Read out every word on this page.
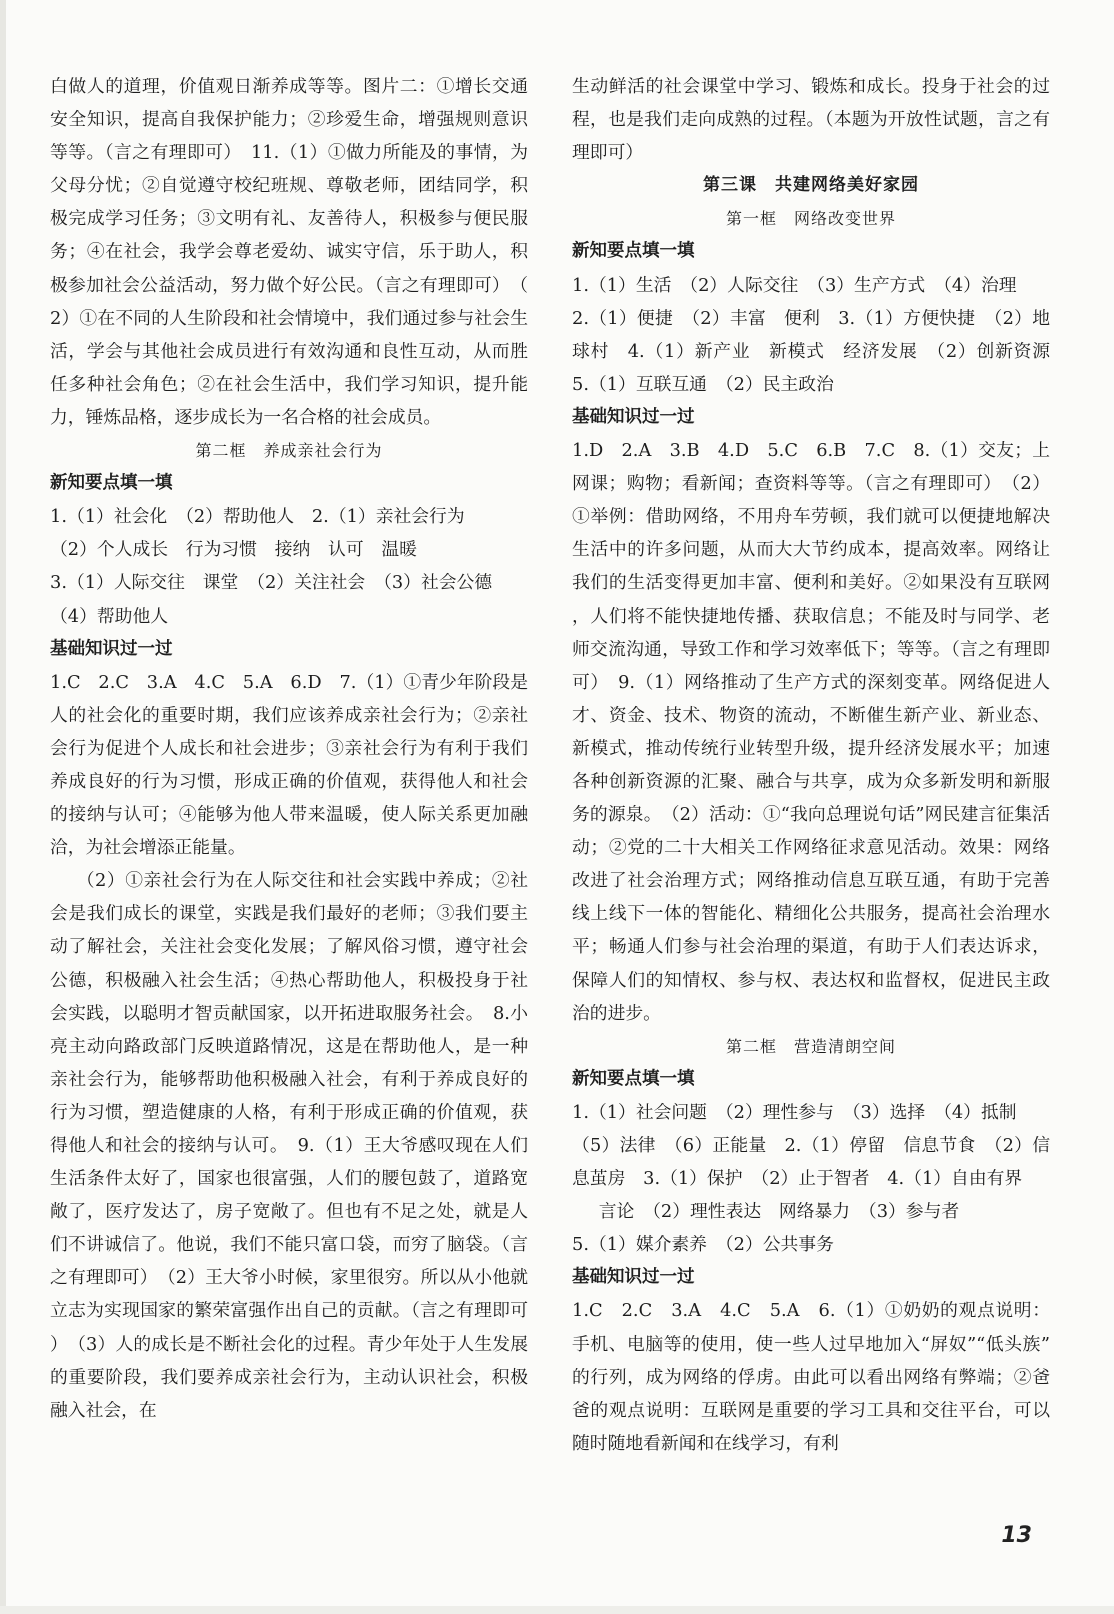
白做人的道理，价值观日渐养成等等。图片二：①增长交通安全知识，提高自我保护能力；②珍爱生命，增强规则意识等等。（言之有理即可）　11.（1）①做力所能及的事情，为父母分忧；②自觉遵守校纪班规、尊敬老师，团结同学，积极完成学习任务；③文明有礼、友善待人，积极参与便民服务；④在社会，我学会尊老爱幼、诚实守信，乐于助人，积极参加社会公益活动，努力做个好公民。（言之有理即可）　（2）①在不同的人生阶段和社会情境中，我们通过参与社会生活，学会与其他社会成员进行有效沟通和良性互动，从而胜任多种社会角色；②在社会生活中，我们学习知识，提升能力，锤炼品格，逐步成长为一名合格的社会成员。

第二框　养成亲社会行为

新知要点填一填

1.（1）社会化　（2）帮助他人　2.（1）亲社会行为

（2）个人成长　行为习惯　接纳　认可　温暖

3.（1）人际交往　课堂　（2）关注社会　（3）社会公德

（4）帮助他人

基础知识过一过

1.C　2.C　3.A　4.C　5.A　6.D　7.（1）①青少年阶段是人的社会化的重要时期，我们应该养成亲社会行为；②亲社会行为促进个人成长和社会进步；③亲社会行为有利于我们养成良好的行为习惯，形成正确的价值观，获得他人和社会的接纳与认可；④能够为他人带来温暖，使人际关系更加融洽，为社会增添正能量。

（2）①亲社会行为在人际交往和社会实践中养成；②社会是我们成长的课堂，实践是我们最好的老师；③我们要主动了解社会，关注社会变化发展；了解风俗习惯，遵守社会公德，积极融入社会生活；④热心帮助他人，积极投身于社会实践，以聪明才智贡献国家，以开拓进取服务社会。　8.小亮主动向路政部门反映道路情况，这是在帮助他人，是一种亲社会行为，能够帮助他积极融入社会，有利于养成良好的行为习惯，塑造健康的人格，有利于形成正确的价值观，获得他人和社会的接纳与认可。　9.（1）王大爷感叹现在人们生活条件太好了，国家也很富强，人们的腰包鼓了，道路宽敞了，医疗发达了，房子宽敞了。但也有不足之处，就是人们不讲诚信了。他说，我们不能只富口袋，而穷了脑袋。（言之有理即可）　（2）王大爷小时候，家里很穷。所以从小他就立志为实现国家的繁荣富强作出自己的贡献。（言之有理即可）　（3）人的成长是不断社会化的过程。青少年处于人生发展的重要阶段，我们要养成亲社会行为，主动认识社会，积极融入社会，在

生动鲜活的社会课堂中学习、锻炼和成长。投身于社会的过程，也是我们走向成熟的过程。（本题为开放性试题，言之有理即可）

第三课　共建网络美好家园

第一框　网络改变世界

新知要点填一填

1.（1）生活　（2）人际交往　（3）生产方式　（4）治理

2.（1）便捷　（2）丰富　便利　3.（1）方便快捷　（2）地球村　4.（1）新产业　新模式　经济发展　（2）创新资源　5.（1）互联互通　（2）民主政治

基础知识过一过

1.D　2.A　3.B　4.D　5.C　6.B　7.C　8.（1）交友；上网课；购物；看新闻；查资料等等。（言之有理即可）　（2）①举例：借助网络，不用舟车劳顿，我们就可以便捷地解决生活中的许多问题，从而大大节约成本，提高效率。网络让我们的生活变得更加丰富、便利和美好。②如果没有互联网，人们将不能快捷地传播、获取信息；不能及时与同学、老师交流沟通，导致工作和学习效率低下；等等。（言之有理即可）　9.（1）网络推动了生产方式的深刻变革。网络促进人才、资金、技术、物资的流动，不断催生新产业、新业态、新模式，推动传统行业转型升级，提升经济发展水平；加速各种创新资源的汇聚、融合与共享，成为众多新发明和新服务的源泉。　（2）活动：①“我向总理说句话”网民建言征集活动；②党的二十大相关工作网络征求意见活动。效果：网络改进了社会治理方式；网络推动信息互联互通，有助于完善线上线下一体的智能化、精细化公共服务，提高社会治理水平；畅通人们参与社会治理的渠道，有助于人们表达诉求，保障人们的知情权、参与权、表达权和监督权，促进民主政治的进步。

第二框　营造清朗空间

新知要点填一填

1.（1）社会问题　（2）理性参与　（3）选择　（4）抵制

（5）法律　（6）正能量　2.（1）停留　信息节食　（2）信息茧房　3.（1）保护　（2）止于智者　4.（1）自由有界

言论　（2）理性表达　网络暴力　（3）参与者

5.（1）媒介素养　（2）公共事务

基础知识过一过

1.C　2.C　3.A　4.C　5.A　6.（1）①奶奶的观点说明：手机、电脑等的使用，使一些人过早地加入“屏奴”“低头族”的行列，成为网络的俘虏。由此可以看出网络有弊端；②爸爸的观点说明：互联网是重要的学习工具和交往平台，可以随时随地看新闻和在线学习，有利

13
